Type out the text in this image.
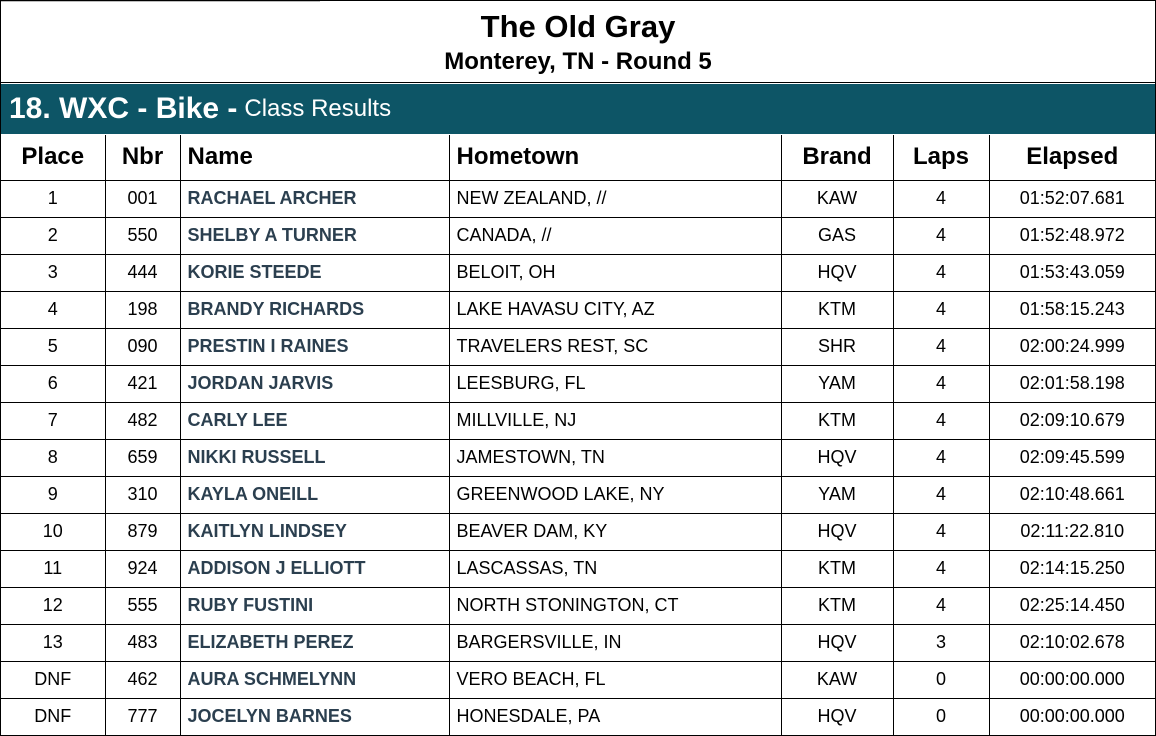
The Old Gray
Monterey, TN - Round 5
18. WXC - Bike - Class Results
Place	Nbr	Name	Hometown	Brand	Laps	Elapsed
1	001	RACHAEL ARCHER	NEW ZEALAND, //	KAW	4	01:52:07.681
2	550	SHELBY A TURNER	CANADA, //	GAS	4	01:52:48.972
3	444	KORIE STEEDE	BELOIT, OH	HQV	4	01:53:43.059
4	198	BRANDY RICHARDS	LAKE HAVASU CITY, AZ	KTM	4	01:58:15.243
5	090	PRESTIN I RAINES	TRAVELERS REST, SC	SHR	4	02:00:24.999
6	421	JORDAN JARVIS	LEESBURG, FL	YAM	4	02:01:58.198
7	482	CARLY LEE	MILLVILLE, NJ	KTM	4	02:09:10.679
8	659	NIKKI RUSSELL	JAMESTOWN, TN	HQV	4	02:09:45.599
9	310	KAYLA ONEILL	GREENWOOD LAKE, NY	YAM	4	02:10:48.661
10	879	KAITLYN LINDSEY	BEAVER DAM, KY	HQV	4	02:11:22.810
11	924	ADDISON J ELLIOTT	LASCASSAS, TN	KTM	4	02:14:15.250
12	555	RUBY FUSTINI	NORTH STONINGTON, CT	KTM	4	02:25:14.450
13	483	ELIZABETH PEREZ	BARGERSVILLE, IN	HQV	3	02:10:02.678
DNF	462	AURA SCHMELYNN	VERO BEACH, FL	KAW	0	00:00:00.000
DNF	777	JOCELYN BARNES	HONESDALE, PA	HQV	0	00:00:00.000
